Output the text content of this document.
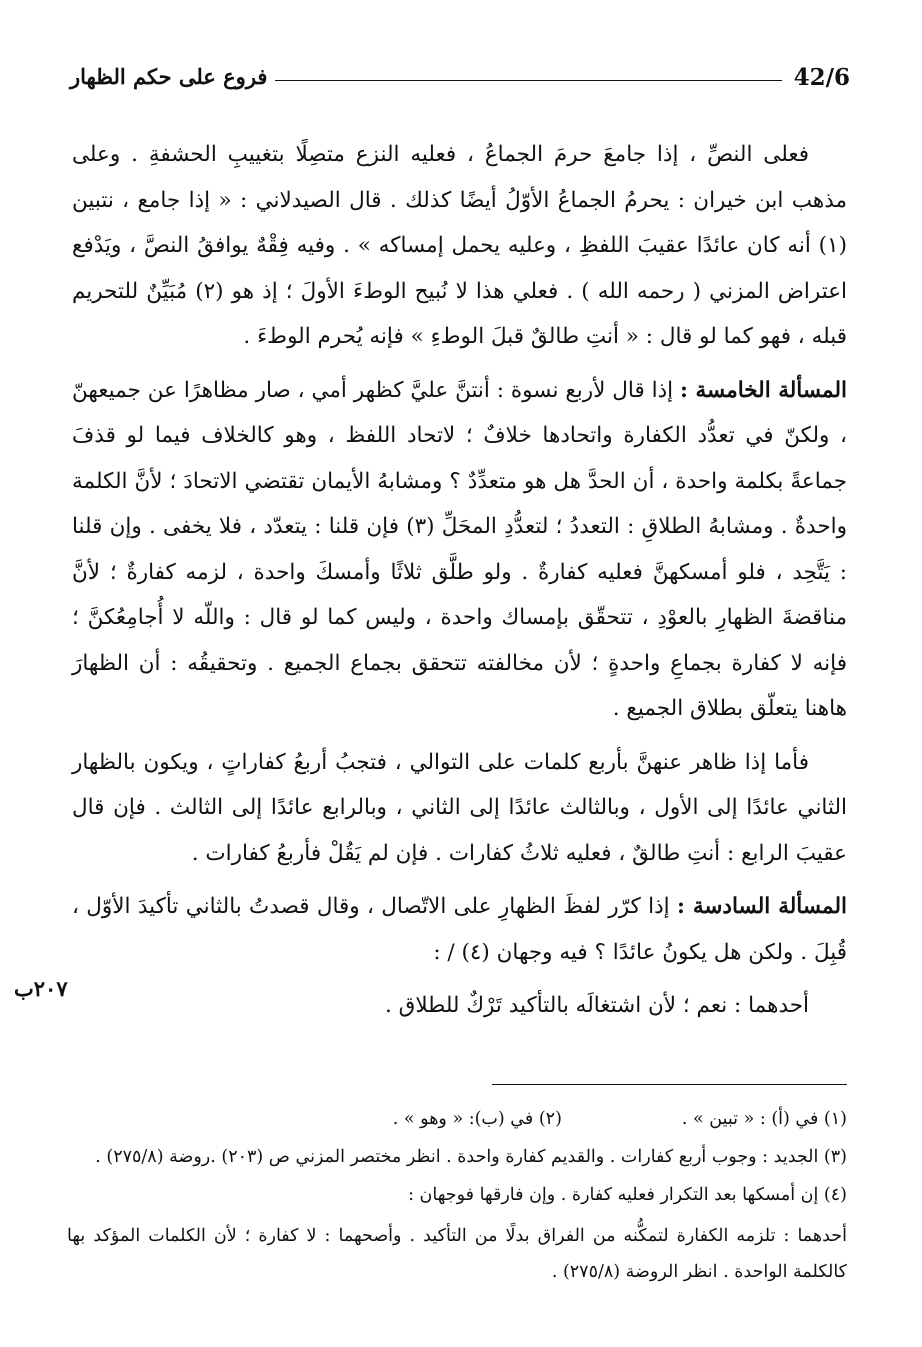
42/6
فروع على حكم الظهار

فعلى النصِّ ، إذا جامعَ حرمَ الجماعُ ، فعليه النزع متصِلًا بتغييبِ الحشفةِ . وعلى مذهب ابن خيران : يحرمُ الجماعُ الأوّلُ أيضًا كذلك . قال الصيدلاني : « إذا جامع ، نتبين (١) أنه كان عائدًا عقيبَ اللفظِ ، وعليه يحمل إمساكه » . وفيه فِقْهٌ يوافقُ النصَّ ، ويَدْفع اعتراض المزني ( رحمه الله ) . فعلي هذا لا نُبيح الوطءَ الأولَ ؛ إذ هو (٢) مُبَيِّنٌ للتحريم قبله ، فهو كما لو قال : « أنتِ طالقٌ قبلَ الوطءِ » فإنه يُحرم الوطءَ .

المسألة الخامسة : إذا قال لأربع نسوة : أنتنَّ عليَّ كظهر أمي ، صار مظاهرًا عن جميعهنّ ، ولكنّ في تعدُّد الكفارة واتحادها خلافٌ ؛ لاتحاد اللفظ ، وهو كالخلاف فيما لو قذفَ جماعةً بكلمة واحدة ، أن الحدَّ هل هو متعدِّدٌ ؟ ومشابهُ الأيمان تقتضي الاتحادَ ؛ لأنَّ الكلمة واحدةٌ . ومشابهُ الطلاقِ : التعددُ ؛ لتعدُّدِ المحَلِّ (٣) فإن قلنا : يتعدّد ، فلا يخفى . وإن قلنا : يَتَّحِد ، فلو أمسكهنَّ فعليه كفارةٌ . ولو طلَّق ثلاثًا وأمسكَ واحدة ، لزمه كفارةٌ ؛ لأنَّ مناقضةَ الظهارِ بالعوْدِ ، تتحقّق بإمساك واحدة ، وليس كما لو قال : واللّه لا أُجامِعُكنَّ ؛ فإنه لا كفارة بجماعِ واحدةٍ ؛ لأن مخالفته تتحقق بجماع الجميع . وتحقيقُه : أن الظهارَ هاهنا يتعلّق بطلاق الجميع .

فأما إذا ظاهر عنهنَّ بأربع كلمات على التوالي ، فتجبُ أربعُ كفاراتٍ ، ويكون بالظهار الثاني عائدًا إلى الأول ، وبالثالث عائدًا إلى الثاني ، وبالرابع عائدًا إلى الثالث . فإن قال عقيبَ الرابع : أنتِ طالقٌ ، فعليه ثلاثُ كفارات . فإن لم يَقُلْ فأربعُ كفارات .

المسألة السادسة : إذا كرّر لفظَ الظهارِ على الاتّصال ، وقال قصدتُ بالثاني تأكيدَ الأوّل ، قُبِلَ . ولكن هل يكونُ عائدًا ؟ فيه وجهان (٤) / :

أحدهما : نعم ؛ لأن اشتغالَه بالتأكيد تَرْكٌ للطلاق .

٢٠٧ب
(١) في (أ) : « تبين » .
(٢) في (ب): « وهو » .
(٣) الجديد : وجوب أربع كفارات . والقديم كفارة واحدة . انظر مختصر المزني ص (٢٠٣) .روضة (٢٧٥/٨) .
(٤) إن أمسكها بعد التكرار فعليه كفارة . وإن فارقها فوجهان :

أحدهما : تلزمه الكفارة لتمكُّنه من الفراق بدلًا من التأكيد . وأصحهما : لا كفارة ؛ لأن الكلمات المؤكد بها كالكلمة الواحدة . انظر الروضة (٢٧٥/٨) .
